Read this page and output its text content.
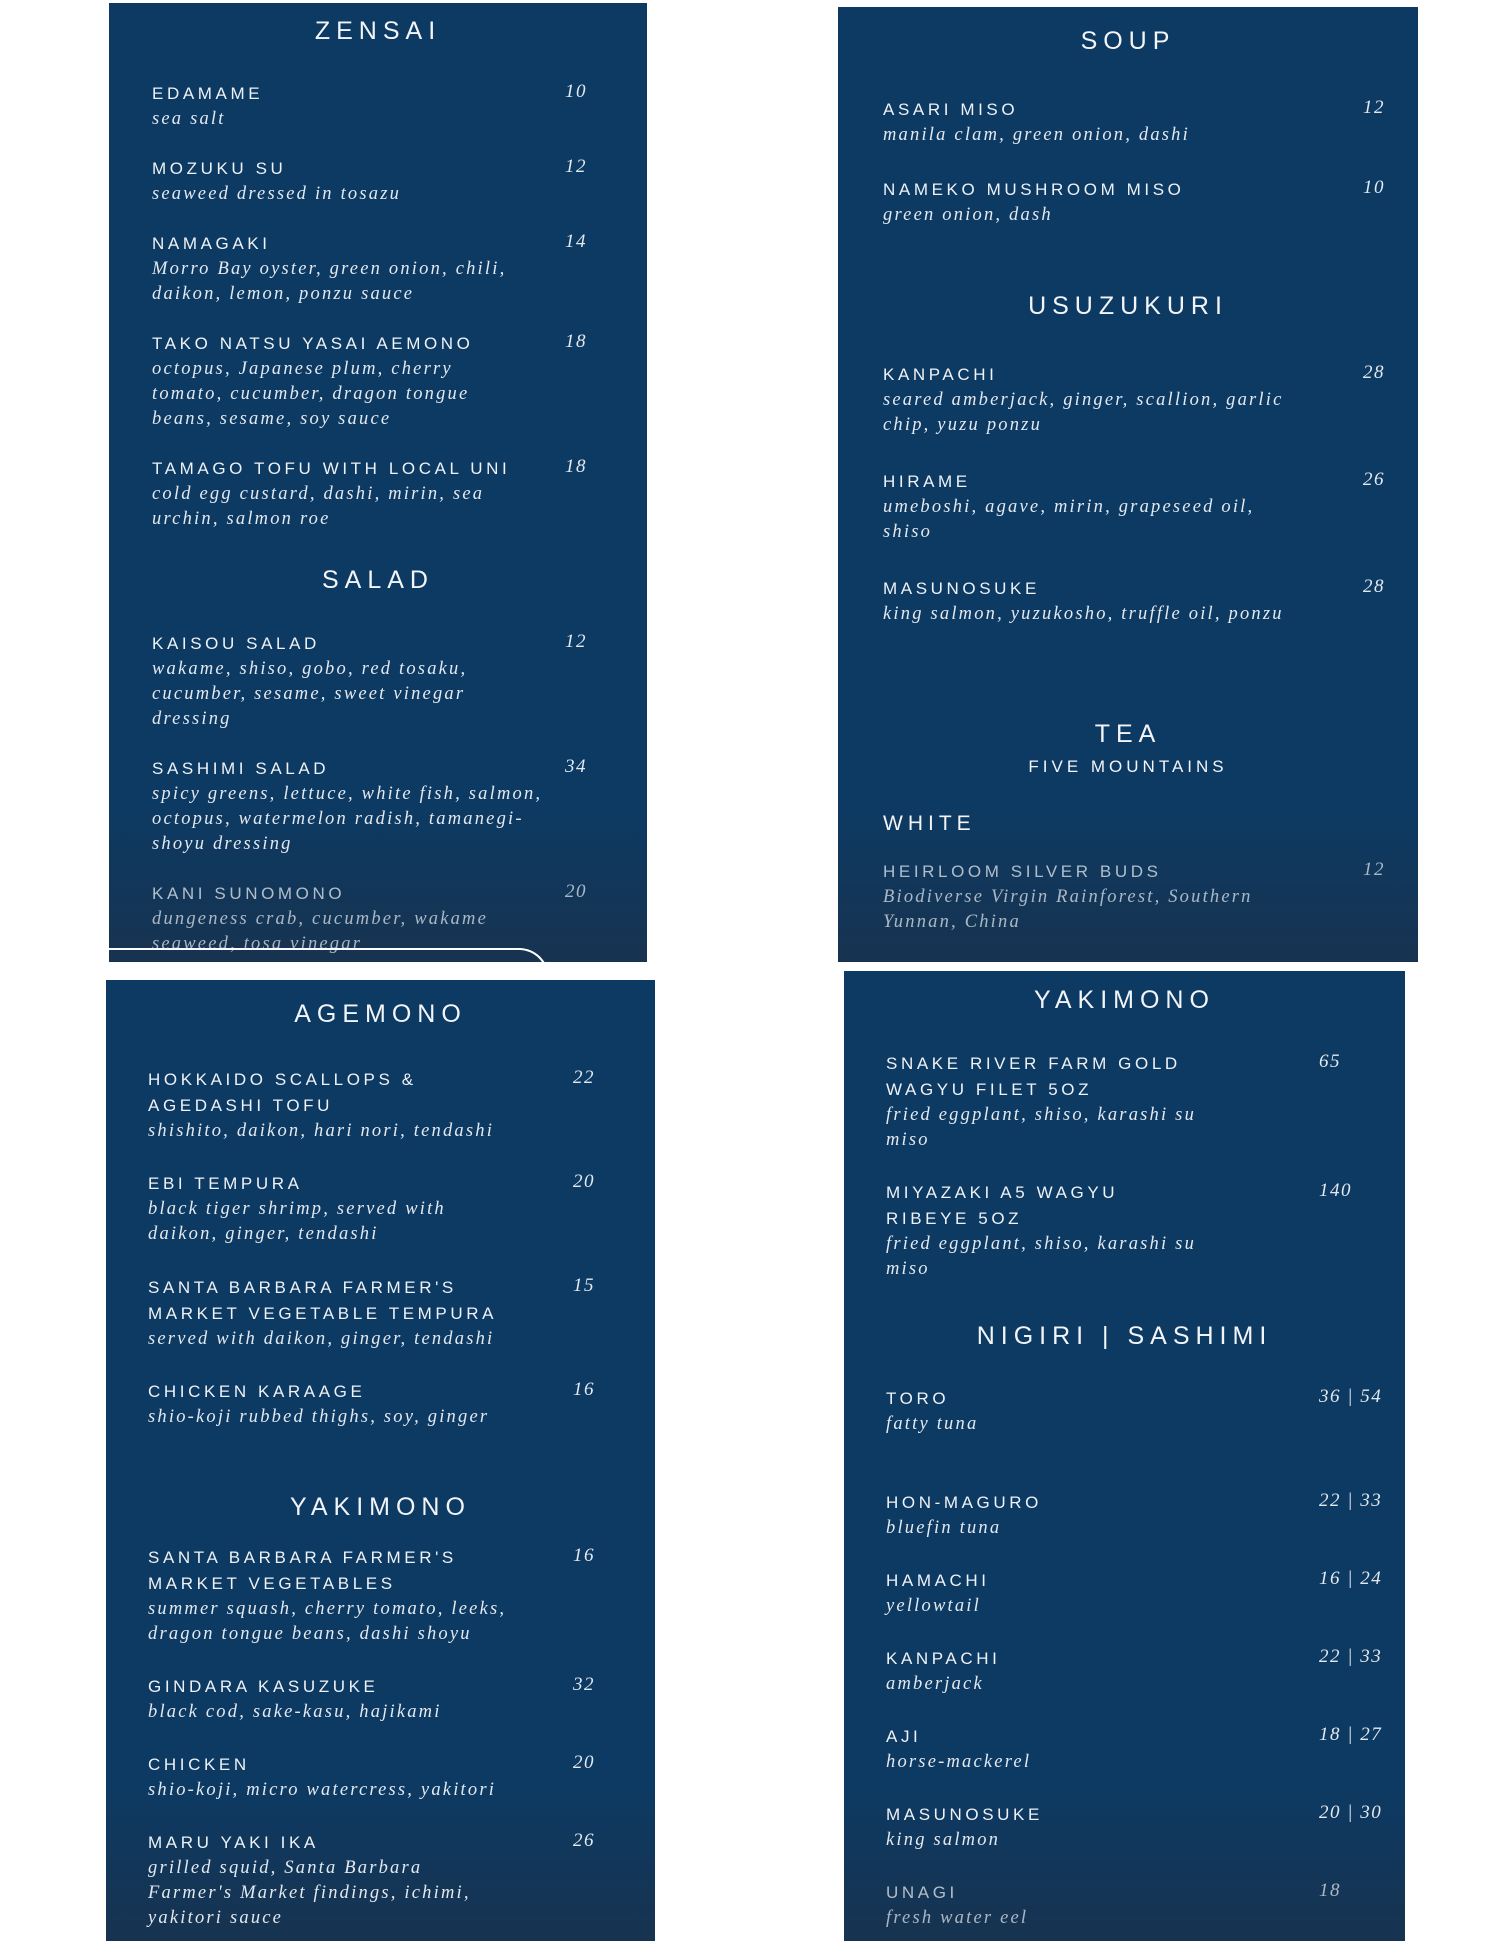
ZENSAI
EDAMAME
sea salt
10
MOZUKU SU
seaweed dressed in tosazu
12
NAMAGAKI
Morro Bay oyster, green onion, chili, daikon, lemon, ponzu sauce
14
TAKO NATSU YASAI AEMONO
octopus, Japanese plum, cherry tomato, cucumber, dragon tongue beans, sesame, soy sauce
18
TAMAGO TOFU WITH LOCAL UNI
cold egg custard, dashi, mirin, sea urchin, salmon roe
18
SALAD
KAISOU SALAD
wakame, shiso, gobo, red tosaku, cucumber, sesame, sweet vinegar dressing
12
SASHIMI SALAD
spicy greens, lettuce, white fish, salmon, octopus, watermelon radish, tamanegi-shoyu dressing
34
KANI SUNOMONO
dungeness crab, cucumber, wakame seaweed, tosa vinegar
20
SOUP
ASARI MISO
manila clam, green onion, dashi
12
NAMEKO MUSHROOM MISO
green onion, dash
10
USUZUKURI
KANPACHI
seared amberjack, ginger, scallion, garlic chip, yuzu ponzu
28
HIRAME
umeboshi, agave, mirin, grapeseed oil, shiso
26
MASUNOSUKE
king salmon, yuzukosho, truffle oil, ponzu
28
TEA
FIVE MOUNTAINS
WHITE
HEIRLOOM SILVER BUDS
Biodiverse Virgin Rainforest, Southern Yunnan, China
12
AGEMONO
HOKKAIDO SCALLOPS & AGEDASHI TOFU
shishito, daikon, hari nori, tendashi
22
EBI TEMPURA
black tiger shrimp, served with daikon, ginger, tendashi
20
SANTA BARBARA FARMER'S MARKET VEGETABLE TEMPURA
served with daikon, ginger, tendashi
15
CHICKEN KARAAGE
shio-koji rubbed thighs, soy, ginger
16
YAKIMONO
SANTA BARBARA FARMER'S MARKET VEGETABLES
summer squash, cherry tomato, leeks, dragon tongue beans, dashi shoyu
16
GINDARA KASUZUKE
black cod, sake-kasu, hajikami
32
CHICKEN
shio-koji, micro watercress, yakitori
20
MARU YAKI IKA
grilled squid, Santa Barbara Farmer's Market findings, ichimi, yakitori sauce
26
YAKIMONO
SNAKE RIVER FARM GOLD WAGYU FILET 5OZ
fried eggplant, shiso, karashi su miso
65
MIYAZAKI A5 WAGYU RIBEYE 5OZ
fried eggplant, shiso, karashi su miso
140
NIGIRI | SASHIMI
TORO
fatty tuna
36 | 54
HON-MAGURO
bluefin tuna
22 | 33
HAMACHI
yellowtail
16 | 24
KANPACHI
amberjack
22 | 33
AJI
horse-mackerel
18 | 27
MASUNOSUKE
king salmon
20 | 30
UNAGI
fresh water eel
18
